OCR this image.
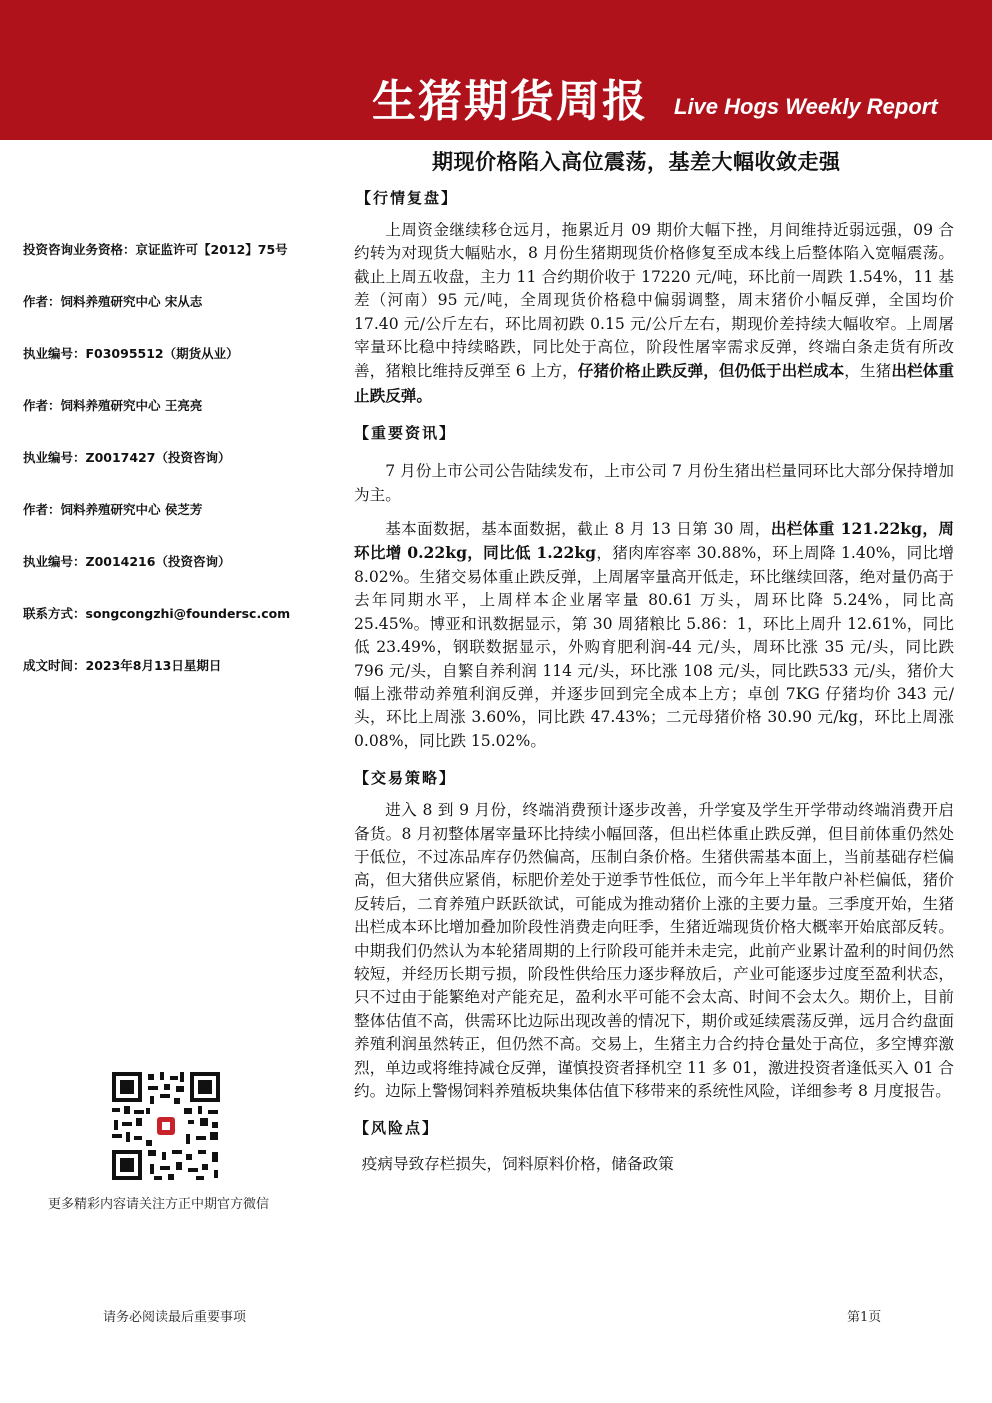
生猪期货周报 Live Hogs Weekly Report
期现价格陷入高位震荡，基差大幅收敛走强
投资咨询业务资格：京证监许可【2012】75号
作者：饲料养殖研究中心 宋从志
执业编号：F03095512（期货从业）
作者：饲料养殖研究中心 王亮亮
执业编号：Z0017427（投资咨询）
作者：饲料养殖研究中心 侯芝芳
执业编号：Z0014216（投资咨询）
联系方式：songcongzhi@foundersc.com
成文时间：2023年8月13日星期日
更多精彩内容请关注方正中期官方微信
【行情复盘】

上周资金继续移仓远月，拖累近月 09 期价大幅下挫，月间维持近弱远强，09 合约转为对现货大幅贴水，8 月份生猪期现货价格修复至成本线上后整体陷入宽幅震荡。截止上周五收盘，主力 11 合约期价收于 17220 元/吨，环比前一周跌 1.54%，11 基差（河南）95 元/吨，全周现货价格稳中偏弱调整，周末猪价小幅反弹，全国均价 17.40 元/公斤左右，环比周初跌 0.15 元/公斤左右，期现价差持续大幅收窄。上周屠宰量环比稳中持续略跌，同比处于高位，阶段性屠宰需求反弹，终端白条走货有所改善，猪粮比维持反弹至 6 上方，仔猪价格止跌反弹，但仍低于出栏成本，生猪出栏体重止跌反弹。

【重要资讯】

7 月份上市公司公告陆续发布，上市公司 7 月份生猪出栏量同环比大部分保持增加为主。

基本面数据，基本面数据，截止 8 月 13 日第 30 周，出栏体重 121.22kg，周环比增 0.22kg，同比低 1.22kg，猪肉库容率 30.88%，环上周降 1.40%，同比增 8.02%。生猪交易体重止跌反弹，上周屠宰量高开低走，环比继续回落，绝对量仍高于去年同期水平，上周样本企业屠宰量 80.61 万头，周环比降 5.24%，同比高 25.45%。博亚和讯数据显示，第 30 周猪粮比 5.86：1，环比上周升 12.61%，同比低 23.49%，钢联数据显示，外购育肥利润-44 元/头，周环比涨 35 元/头，同比跌 796 元/头，自繁自养利润 114 元/头，环比涨 108 元/头，同比跌533 元/头，猪价大幅上涨带动养殖利润反弹，并逐步回到完全成本上方；卓创 7KG 仔猪均价 343 元/头，环比上周涨 3.60%，同比跌 47.43%；二元母猪价格 30.90 元/kg，环比上周涨 0.08%，同比跌 15.02%。

【交易策略】

进入 8 到 9 月份，终端消费预计逐步改善，升学宴及学生开学带动终端消费开启备货。8 月初整体屠宰量环比持续小幅回落，但出栏体重止跌反弹，但目前体重仍然处于低位，不过冻品库存仍然偏高，压制白条价格。生猪供需基本面上，当前基础存栏偏高，但大猪供应紧俏，标肥价差处于逆季节性低位，而今年上半年散户补栏偏低，猪价反转后，二育养殖户跃跃欲试，可能成为推动猪价上涨的主要力量。三季度开始，生猪出栏成本环比增加叠加阶段性消费走向旺季，生猪近端现货价格大概率开始底部反转。中期我们仍然认为本轮猪周期的上行阶段可能并未走完，此前产业累计盈利的时间仍然较短，并经历长期亏损，阶段性供给压力逐步释放后，产业可能逐步过度至盈利状态，只不过由于能繁绝对产能充足，盈利水平可能不会太高、时间不会太久。期价上，目前整体估值不高，供需环比边际出现改善的情况下，期价或延续震荡反弹，远月合约盘面养殖利润虽然转正，但仍然不高。交易上，生猪主力合约持仓量处于高位，多空博弈激烈，单边或将维持减仓反弹，谨慎投资者择机空 11 多 01，激进投资者逢低买入 01 合约。边际上警惕饲料养殖板块集体估值下移带来的系统性风险，详细参考 8 月度报告。

【风险点】

疫病导致存栏损失，饲料原料价格，储备政策

请务必阅读最后重要事项	第1页
